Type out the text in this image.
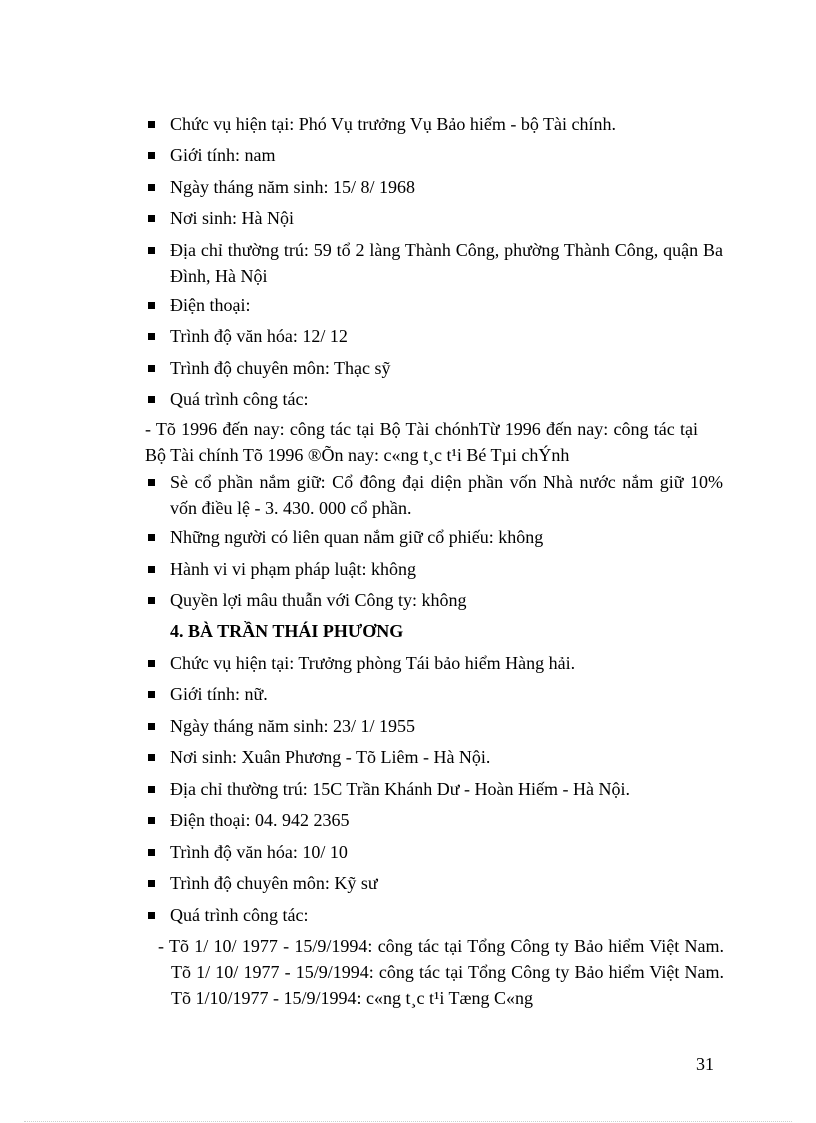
Chức vụ hiện tại: Phó Vụ trưởng Vụ Bảo hiểm - bộ Tài chính.
Giới tính: nam
Ngày tháng năm sinh: 15/ 8/ 1968
Nơi sinh: Hà Nội
Địa chỉ thường trú: 59 tổ 2 làng Thành Công, phường Thành Công, quận Ba Đình, Hà Nội
Điện thoại:
Trình độ văn hóa: 12/ 12
Trình độ chuyên môn: Thạc sỹ
Quá trình công tác:
- Tõ 1996 đến nay: công tác tại Bộ Tài chónhTừ 1996 đến nay: công tác tại Bộ Tài chính Tõ 1996 ®Õn nay: c«ng t¸c t¹i Bé Tµi chÝnh
Sè cổ phần nắm giữ: Cổ đông đại diện phần vốn Nhà nước nắm giữ 10% vốn điều lệ - 3. 430. 000 cổ phần.
Những người có liên quan nắm giữ cổ phiếu: không
Hành vi vi phạm pháp luật: không
Quyền lợi mâu thuẫn với Công ty: không
4. BÀ TRẦN THÁI PHƯƠNG
Chức vụ hiện tại: Trưởng phòng Tái bảo hiểm Hàng hải.
Giới tính: nữ.
Ngày tháng năm sinh: 23/ 1/ 1955
Nơi sinh: Xuân Phương - Tõ Liêm - Hà Nội.
Địa chỉ thường trú: 15C Trần Khánh Dư - Hoàn Hiếm - Hà Nội.
Điện thoại: 04. 942 2365
Trình độ văn hóa: 10/ 10
Trình độ chuyên môn: Kỹ sư
Quá trình công tác:
- Tõ 1/ 10/ 1977 - 15/9/1994: công tác tại Tổng Công ty Bảo hiểm Việt Nam. Tõ 1/ 10/ 1977 - 15/9/1994: công tác tại Tổng Công ty Bảo hiểm Việt Nam. Tõ 1/10/1977 - 15/9/1994: c«ng t¸c t¹i Tæng C«ng
31
